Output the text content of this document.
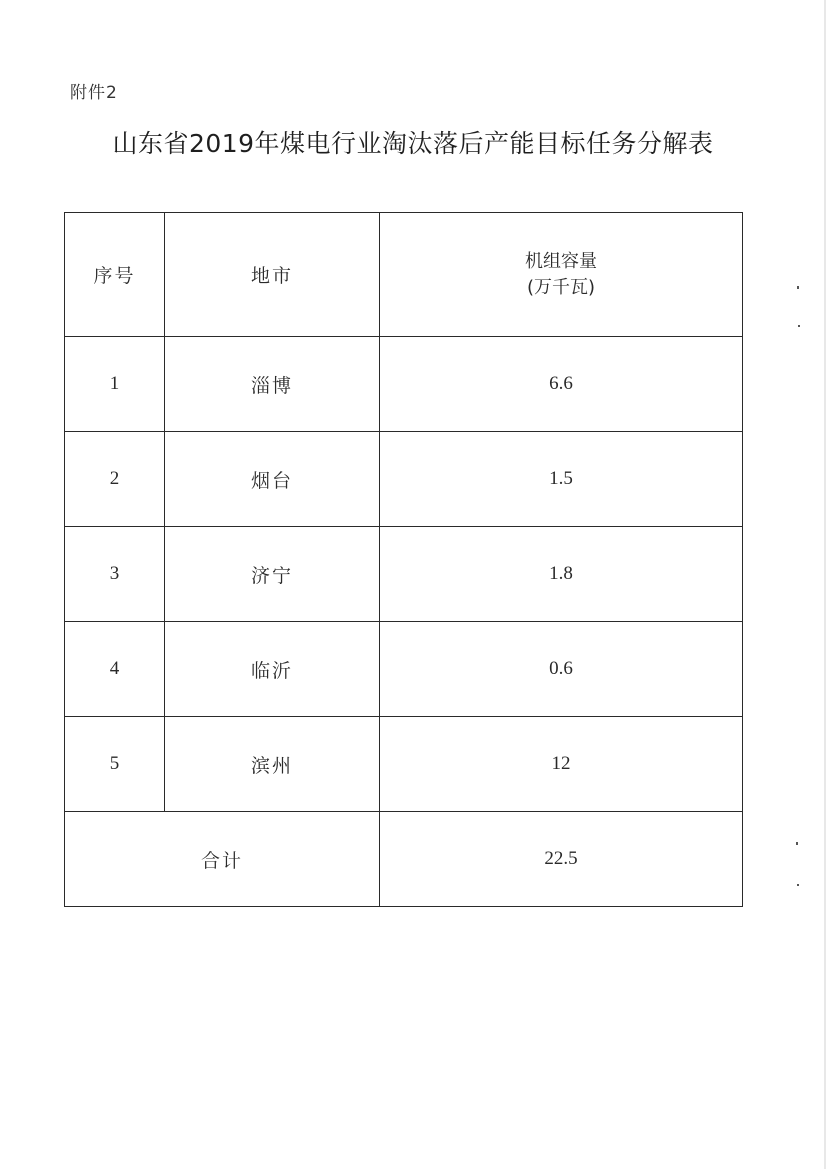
附件2
山东省2019年煤电行业淘汰落后产能目标任务分解表
序号	地市	机组容量
(万千瓦)

1	淄博	6.6
2	烟台	1.5
3	济宁	1.8
4	临沂	0.6
5	滨州	12
合计		22.5
